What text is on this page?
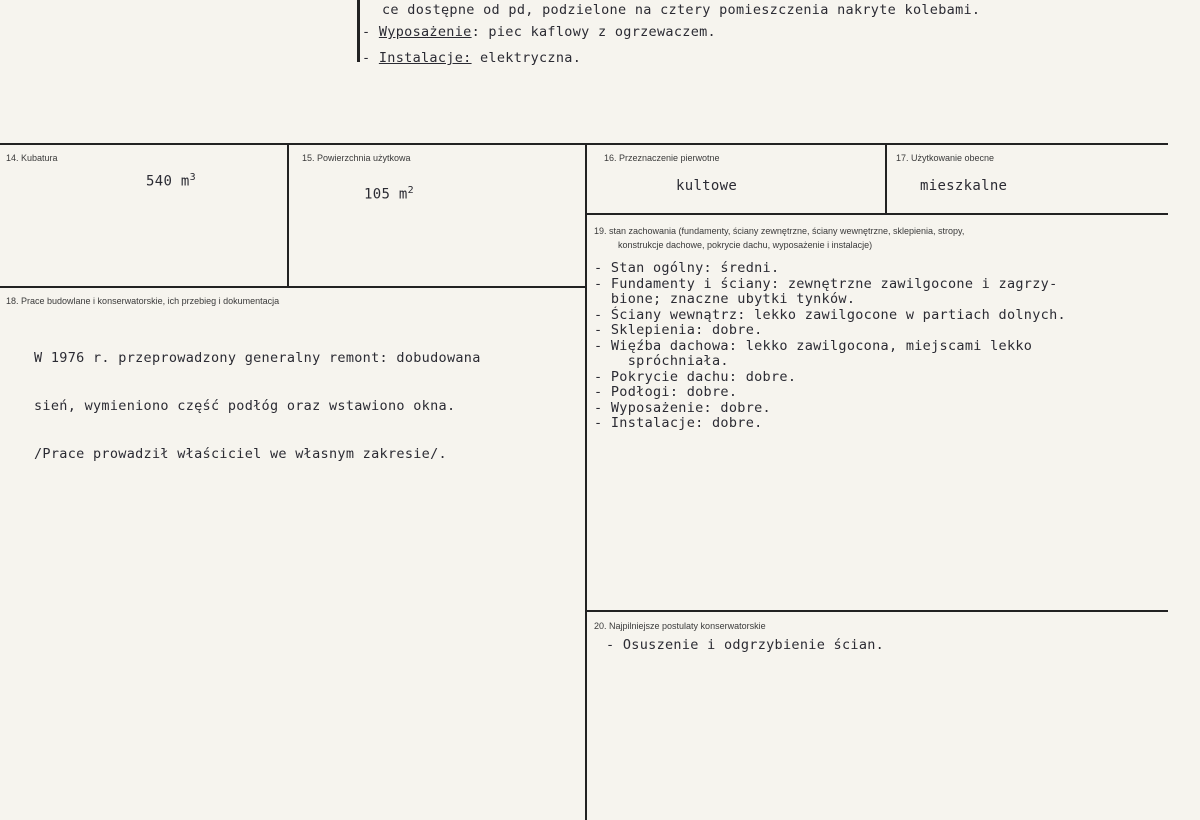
ce dostępne od pd, podzielone na cztery pomieszczenia nakryte kolebami.
- Wyposażenie: piec kaflowy z ogrzewaczem.
- Instalacje: elektryczna.
14. Kubatura
540 $m^3$
15. Powierzchnia użytkowa
105 $m^2$
16. Przeznaczenie pierwotne
kultowe
17. Użytkowanie obecne
mieszkalne
18. Prace budowlane i konserwatorskie, ich przebieg i dokumentacja

W 1976 r. przeprowadzony generalny remont: dobudowana

sień, wymieniono część podłóg oraz wstawiono okna.

/Prace prowadził właściciel we własnym zakresie/.

19. stan zachowania (fundamenty, ściany zewnętrzne, ściany wewnętrzne, sklepienia, stropy,
konstrukcje dachowe, pokrycie dachu, wyposażenie i instalacje)
- Stan ogólny: średni.
- Fundamenty i ściany: zewnętrzne zawilgocone i zagrzy-
bione; znaczne ubytki tynków.
- Ściany wewnątrz: lekko zawilgocone w partiach dolnych.
- Sklepienia: dobre.
- Więźba dachowa: lekko zawilgocona, miejscami lekko
spróchniała.
- Pokrycie dachu: dobre.
- Podłogi: dobre.
- Wyposażenie: dobre.
- Instalacje: dobre.
20. Najpilniejsze postulaty konserwatorskie
- Osuszenie i odgrzybienie ścian.
